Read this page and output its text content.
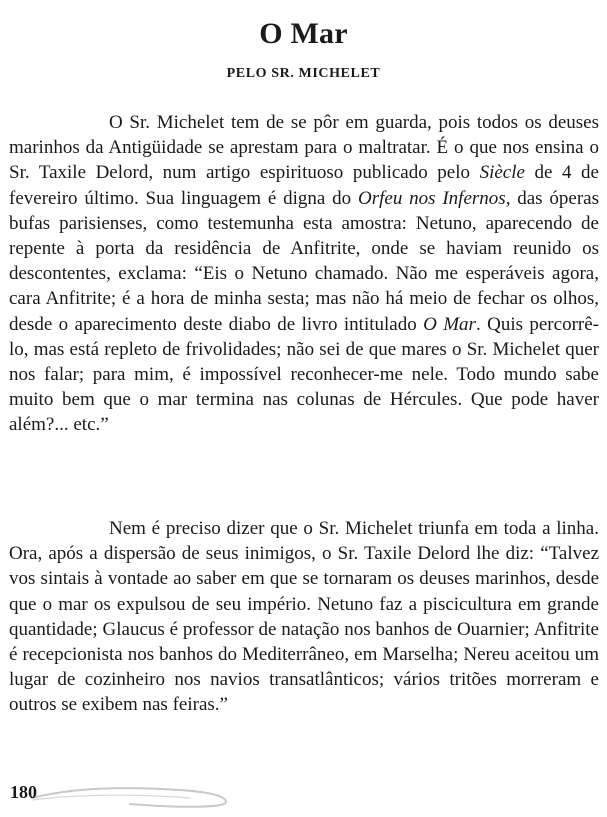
O Mar
PELO SR. MICHELET

O Sr. Michelet tem de se pôr em guarda, pois todos os deuses marinhos da Antigüidade se aprestam para o maltratar. É o que nos ensina o Sr. Taxile Delord, num artigo espirituoso publicado pelo Siècle de 4 de fevereiro último. Sua linguagem é digna do Orfeu nos Infernos, das óperas bufas parisienses, como testemunha esta amostra: Netuno, aparecendo de repente à porta da residência de Anfitrite, onde se haviam reunido os descontentes, exclama: “Eis o Netuno chamado. Não me esperáveis agora, cara Anfitrite; é a hora de minha sesta; mas não há meio de fechar os olhos, desde o aparecimento deste diabo de livro intitulado O Mar. Quis percorrê-lo, mas está repleto de frivolidades; não sei de que mares o Sr. Michelet quer nos falar; para mim, é impossível reconhecer-me nele. Todo mundo sabe muito bem que o mar termina nas colunas de Hércules. Que pode haver além?... etc.”

Nem é preciso dizer que o Sr. Michelet triunfa em toda a linha. Ora, após a dispersão de seus inimigos, o Sr. Taxile Delord lhe diz: “Talvez vos sintais à vontade ao saber em que se tornaram os deuses marinhos, desde que o mar os expulsou de seu império. Netuno faz a piscicultura em grande quantidade; Glaucus é professor de natação nos banhos de Ouarnier; Anfitrite é recepcionista nos banhos do Mediterrâneo, em Marselha; Nereu aceitou um lugar de cozinheiro nos navios transatlânticos; vários tritões morreram e outros se exibem nas feiras.”

180
